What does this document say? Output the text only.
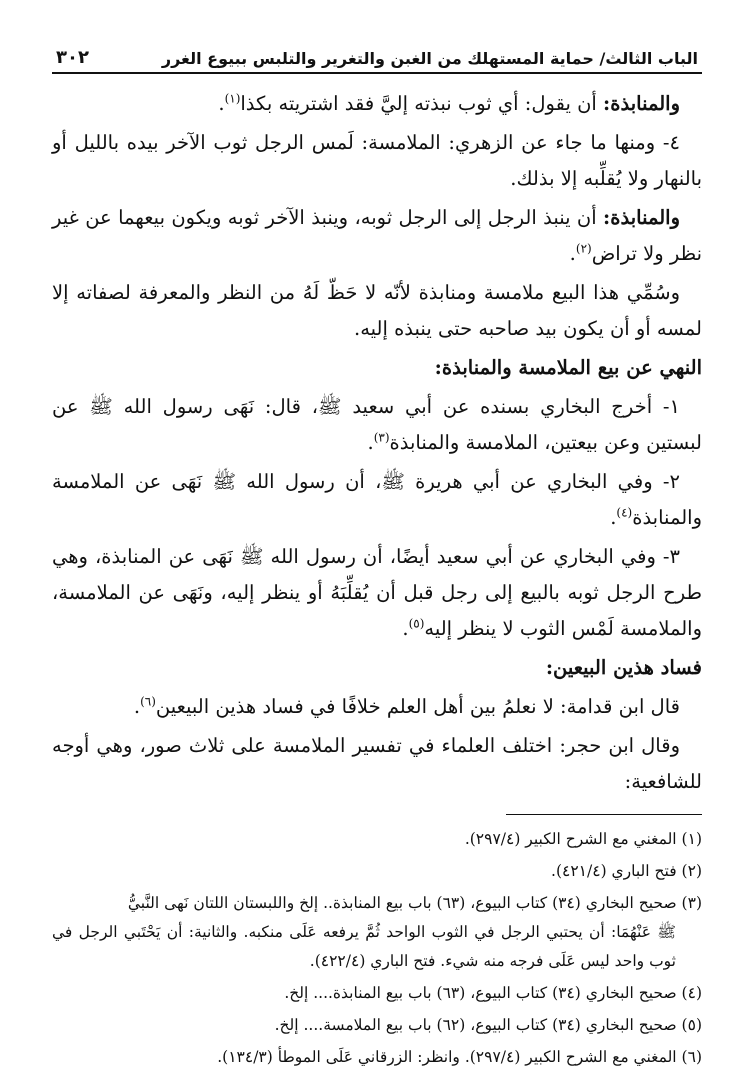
الباب الثالث/ حماية المستهلك من الغبن والتغرير والتلبس ببيوع الغرر
٣٠٢

والمنابذة: أن يقول: أي ثوب نبذته إليَّ فقد اشتريته بكذا$^{(١)}$.

٤- ومنها ما جاء عن الزهري: الملامسة: لَمس الرجل ثوب الآخر بيده بالليل أو بالنهار ولا يُقلِّبه إلا بذلك.

والمنابذة: أن ينبذ الرجل إلى الرجل ثوبه، وينبذ الآخر ثوبه ويكون بيعهما عن غير نظر ولا تراض$^{(٢)}$.

وسُمِّي هذا البيع ملامسة ومنابذة لأنّه لا حَظّ لَهُ من النظر والمعرفة لصفاته إلا لمسه أو أن يكون بيد صاحبه حتى ينبذه إليه.

النهي عن بيع الملامسة والمنابذة:

١- أخرج البخاري بسنده عن أبي سعيد ﷺ، قال: نَهَى رسول الله ﷺ عن لبستين وعن بيعتين، الملامسة والمنابذة$^{(٣)}$.

٢- وفي البخاري عن أبي هريرة ﷺ، أن رسول الله ﷺ نَهَى عن الملامسة والمنابذة$^{(٤)}$.

٣- وفي البخاري عن أبي سعيد أيضًا، أن رسول الله ﷺ نَهَى عن المنابذة، وهي طرح الرجل ثوبه بالبيع إلى رجل قبل أن يُقلِّبَهُ أو ينظر إليه، ونَهَى عن الملامسة، والملامسة لَمْس الثوب لا ينظر إليه$^{(٥)}$.

فساد هذين البيعين:

قال ابن قدامة: لا نعلمُ بين أهل العلم خلافًا في فساد هذين البيعين$^{(٦)}$.

وقال ابن حجر: اختلف العلماء في تفسير الملامسة على ثلاث صور، وهي أوجه للشافعية:

(١) المغني مع الشرح الكبير (٢٩٧/٤).
(٢) فتح الباري (٤٢١/٤).
(٣) صحيح البخاري (٣٤) كتاب البيوع، (٦٣) باب بيع المنابذة.. إلخ واللبستان اللتان نَهى النَّبيُّ
ﷺ عَنْهُمَا: أن يحتبي الرجل في الثوب الواحد ثُمَّ يرفعه عَلَى منكبه. والثانية: أن يَحْتَبي الرجل في ثوب واحد ليس عَلَى فرجه منه شيء. فتح الباري (٤٢٢/٤).
(٤) صحيح البخاري (٣٤) كتاب البيوع، (٦٣) باب بيع المنابذة.... إلخ.
(٥) صحيح البخاري (٣٤) كتاب البيوع، (٦٢) باب بيع الملامسة.... إلخ.
(٦) المغني مع الشرح الكبير (٢٩٧/٤). وانظر: الزرقاني عَلَى الموطأ (١٣٤/٣).
